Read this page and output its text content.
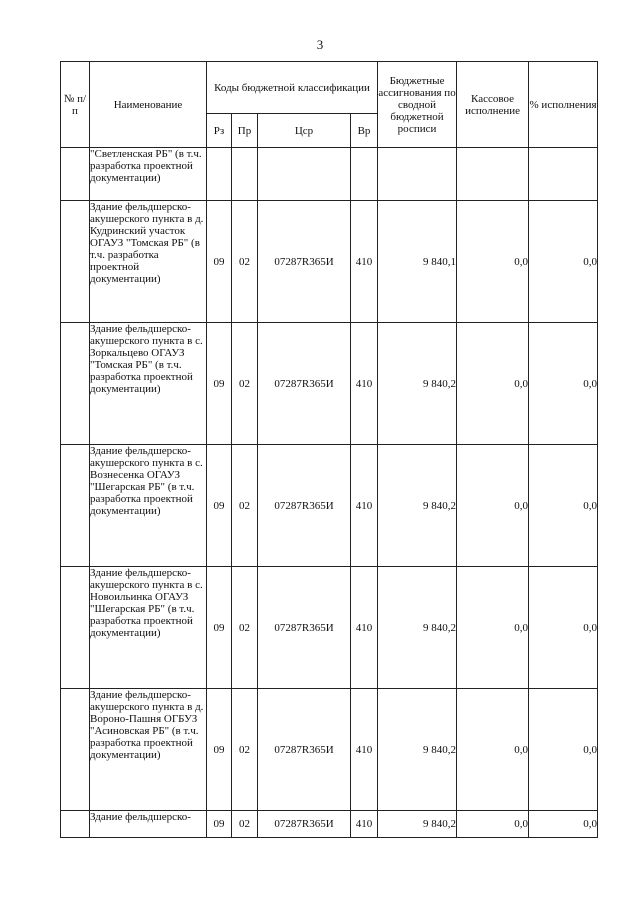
3
№ п/п	Наименование	Коды бюджетной классификации				Бюджетные ассигнования по сводной бюджетной росписи	Кассовое исполнение	% исполнения
		Рз	Пр	Цср	Вр			
	"Светленская РБ" (в т.ч. разработка проектной документации)							
	Здание фельдшерско-акушерского пункта в д. Кудринский участок ОГАУЗ "Томская РБ" (в т.ч. разработка проектной документации)	09	02	07287R365И	410	9 840,1	0,0	0,0
	Здание фельдшерско-акушерского пункта в с. Зоркальцево ОГАУЗ "Томская РБ" (в т.ч. разработка проектной документации)	09	02	07287R365И	410	9 840,2	0,0	0,0
	Здание фельдшерско-акушерского пункта в с. Вознесенка ОГАУЗ "Шегарская РБ" (в т.ч. разработка проектной документации)	09	02	07287R365И	410	9 840,2	0,0	0,0
	Здание фельдшерско-акушерского пункта в с. Новоильинка ОГАУЗ "Шегарская РБ" (в т.ч. разработка проектной документации)	09	02	07287R365И	410	9 840,2	0,0	0,0
	Здание фельдшерско-акушерского пункта в д. Вороно-Пашня ОГБУЗ "Асиновская РБ" (в т.ч. разработка проектной документации)	09	02	07287R365И	410	9 840,2	0,0	0,0
	Здание фельдшерско-	09	02	07287R365И	410	9 840,2	0,0	0,0
